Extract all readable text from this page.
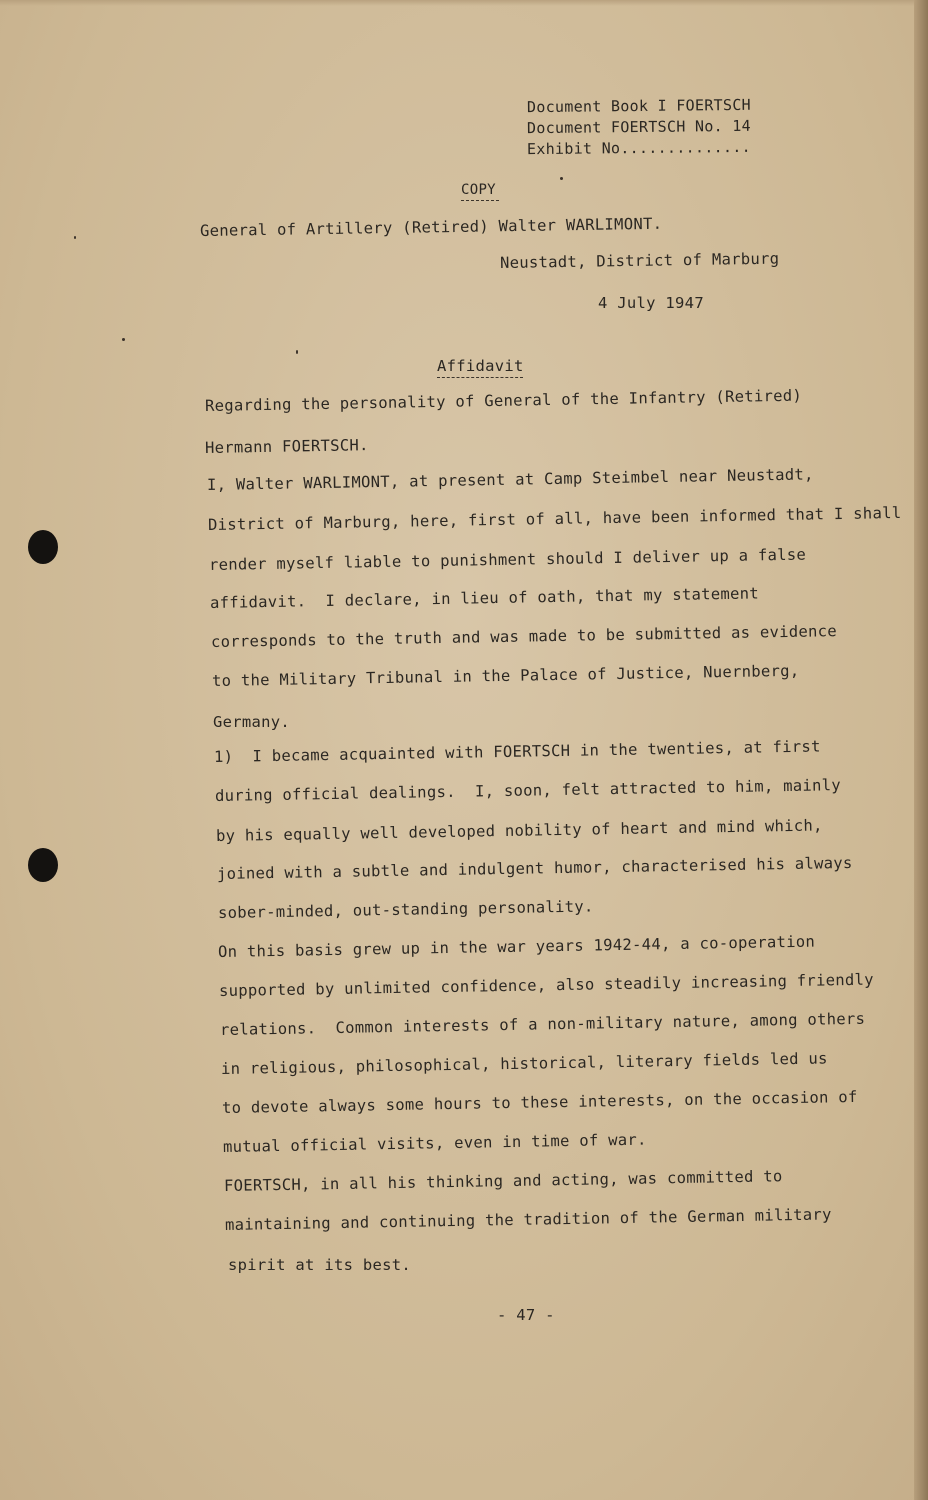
Document Book I FOERTSCH
Document FOERTSCH No. 14
Exhibit No..............
COPY
General of Artillery (Retired) Walter WARLIMONT.
Neustadt, District of Marburg
4 July 1947
Affidavit
Regarding the personality of General of the Infantry (Retired)
Hermann FOERTSCH.
I, Walter WARLIMONT, at present at Camp Steimbel near Neustadt,
District of Marburg, here, first of all, have been informed that I shall
render myself liable to punishment should I deliver up a false
affidavit.  I declare, in lieu of oath, that my statement
corresponds to the truth and was made to be submitted as evidence
to the Military Tribunal in the Palace of Justice, Nuernberg,
Germany.
1)  I became acquainted with FOERTSCH in the twenties, at first
during official dealings.  I, soon, felt attracted to him, mainly
by his equally well developed nobility of heart and mind which,
joined with a subtle and indulgent humor, characterised his always
sober-minded, out-standing personality.
On this basis grew up in the war years 1942-44, a co-operation
supported by unlimited confidence, also steadily increasing friendly
relations.  Common interests of a non-military nature, among others
in religious, philosophical, historical, literary fields led us
to devote always some hours to these interests, on the occasion of
mutual official visits, even in time of war.
FOERTSCH, in all his thinking and acting, was committed to
maintaining and continuing the tradition of the German military
spirit at its best.
- 47 -
